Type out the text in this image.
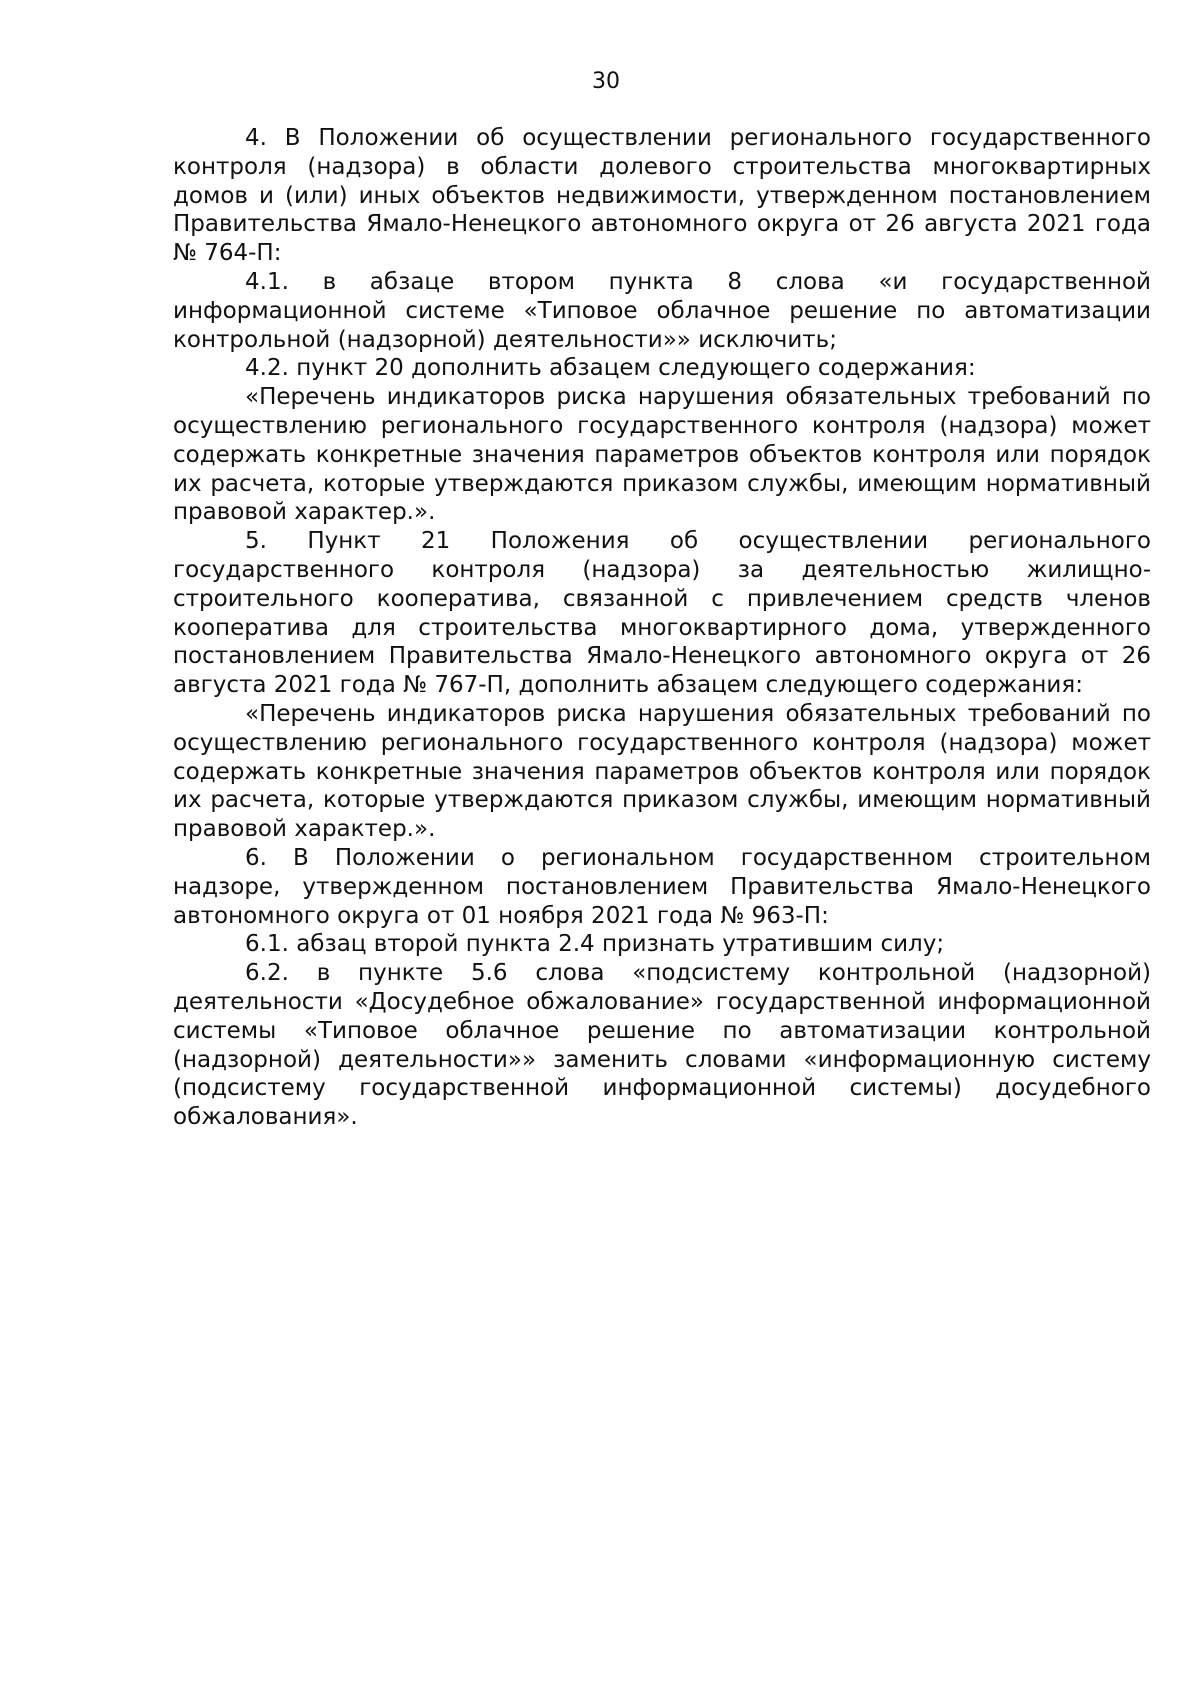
30

4. В Положении об осуществлении регионального государственного контроля (надзора) в области долевого строительства многоквартирных домов и (или) иных объектов недвижимости, утвержденном постановлением Правительства Ямало-Ненецкого автономного округа от 26 августа 2021 года № 764-П:

4.1. в абзаце втором пункта 8 слова «и государственной информационной системе «Типовое облачное решение по автоматизации контрольной (надзорной) деятельности»» исключить;

4.2. пункт 20 дополнить абзацем следующего содержания:

«Перечень индикаторов риска нарушения обязательных требований по осуществлению регионального государственного контроля (надзора) может содержать конкретные значения параметров объектов контроля или порядок их расчета, которые утверждаются приказом службы, имеющим нормативный правовой характер.».

5. Пункт 21 Положения об осуществлении регионального государственного контроля (надзора) за деятельностью жилищно-строительного кооператива, связанной с привлечением средств членов кооператива для строительства многоквартирного дома, утвержденного постановлением Правительства Ямало-Ненецкого автономного округа от 26 августа 2021 года № 767-П, дополнить абзацем следующего содержания:

«Перечень индикаторов риска нарушения обязательных требований по осуществлению регионального государственного контроля (надзора) может содержать конкретные значения параметров объектов контроля или порядок их расчета, которые утверждаются приказом службы, имеющим нормативный правовой характер.».

6. В Положении о региональном государственном строительном надзоре, утвержденном постановлением Правительства Ямало-Ненецкого автономного округа от 01 ноября 2021 года № 963-П:

6.1. абзац второй пункта 2.4 признать утратившим силу;

6.2. в пункте 5.6 слова «подсистему контрольной (надзорной) деятельности «Досудебное обжалование» государственной информационной системы «Типовое облачное решение по автоматизации контрольной (надзорной) деятельности»» заменить словами «информационную систему (подсистему государственной информационной системы) досудебного обжалования».
